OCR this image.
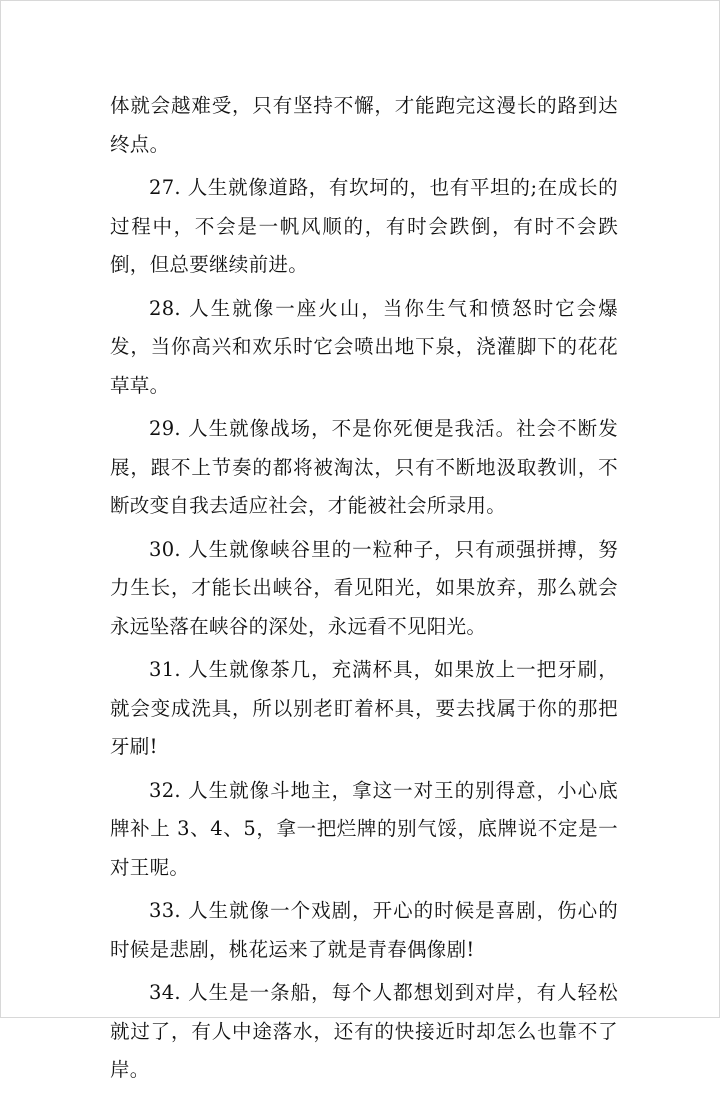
体就会越难受，只有坚持不懈，才能跑完这漫长的路到达终点。

27. 人生就像道路，有坎坷的，也有平坦的;在成长的过程中，不会是一帆风顺的，有时会跌倒，有时不会跌倒，但总要继续前进。

28. 人生就像一座火山，当你生气和愤怒时它会爆发，当你高兴和欢乐时它会喷出地下泉，浇灌脚下的花花草草。

29. 人生就像战场，不是你死便是我活。社会不断发展，跟不上节奏的都将被淘汰，只有不断地汲取教训，不断改变自我去适应社会，才能被社会所录用。

30. 人生就像峡谷里的一粒种子，只有顽强拼搏，努力生长，才能长出峡谷，看见阳光，如果放弃，那么就会永远坠落在峡谷的深处，永远看不见阳光。

31. 人生就像茶几，充满杯具，如果放上一把牙刷，就会变成洗具，所以别老盯着杯具，要去找属于你的那把牙刷!

32. 人生就像斗地主，拿这一对王的别得意，小心底牌补上 3、4、5，拿一把烂牌的别气馁，底牌说不定是一对王呢。

33. 人生就像一个戏剧，开心的时候是喜剧，伤心的时候是悲剧，桃花运来了就是青春偶像剧!

34. 人生是一条船，每个人都想划到对岸，有人轻松就过了，有人中途落水，还有的快接近时却怎么也靠不了岸。
